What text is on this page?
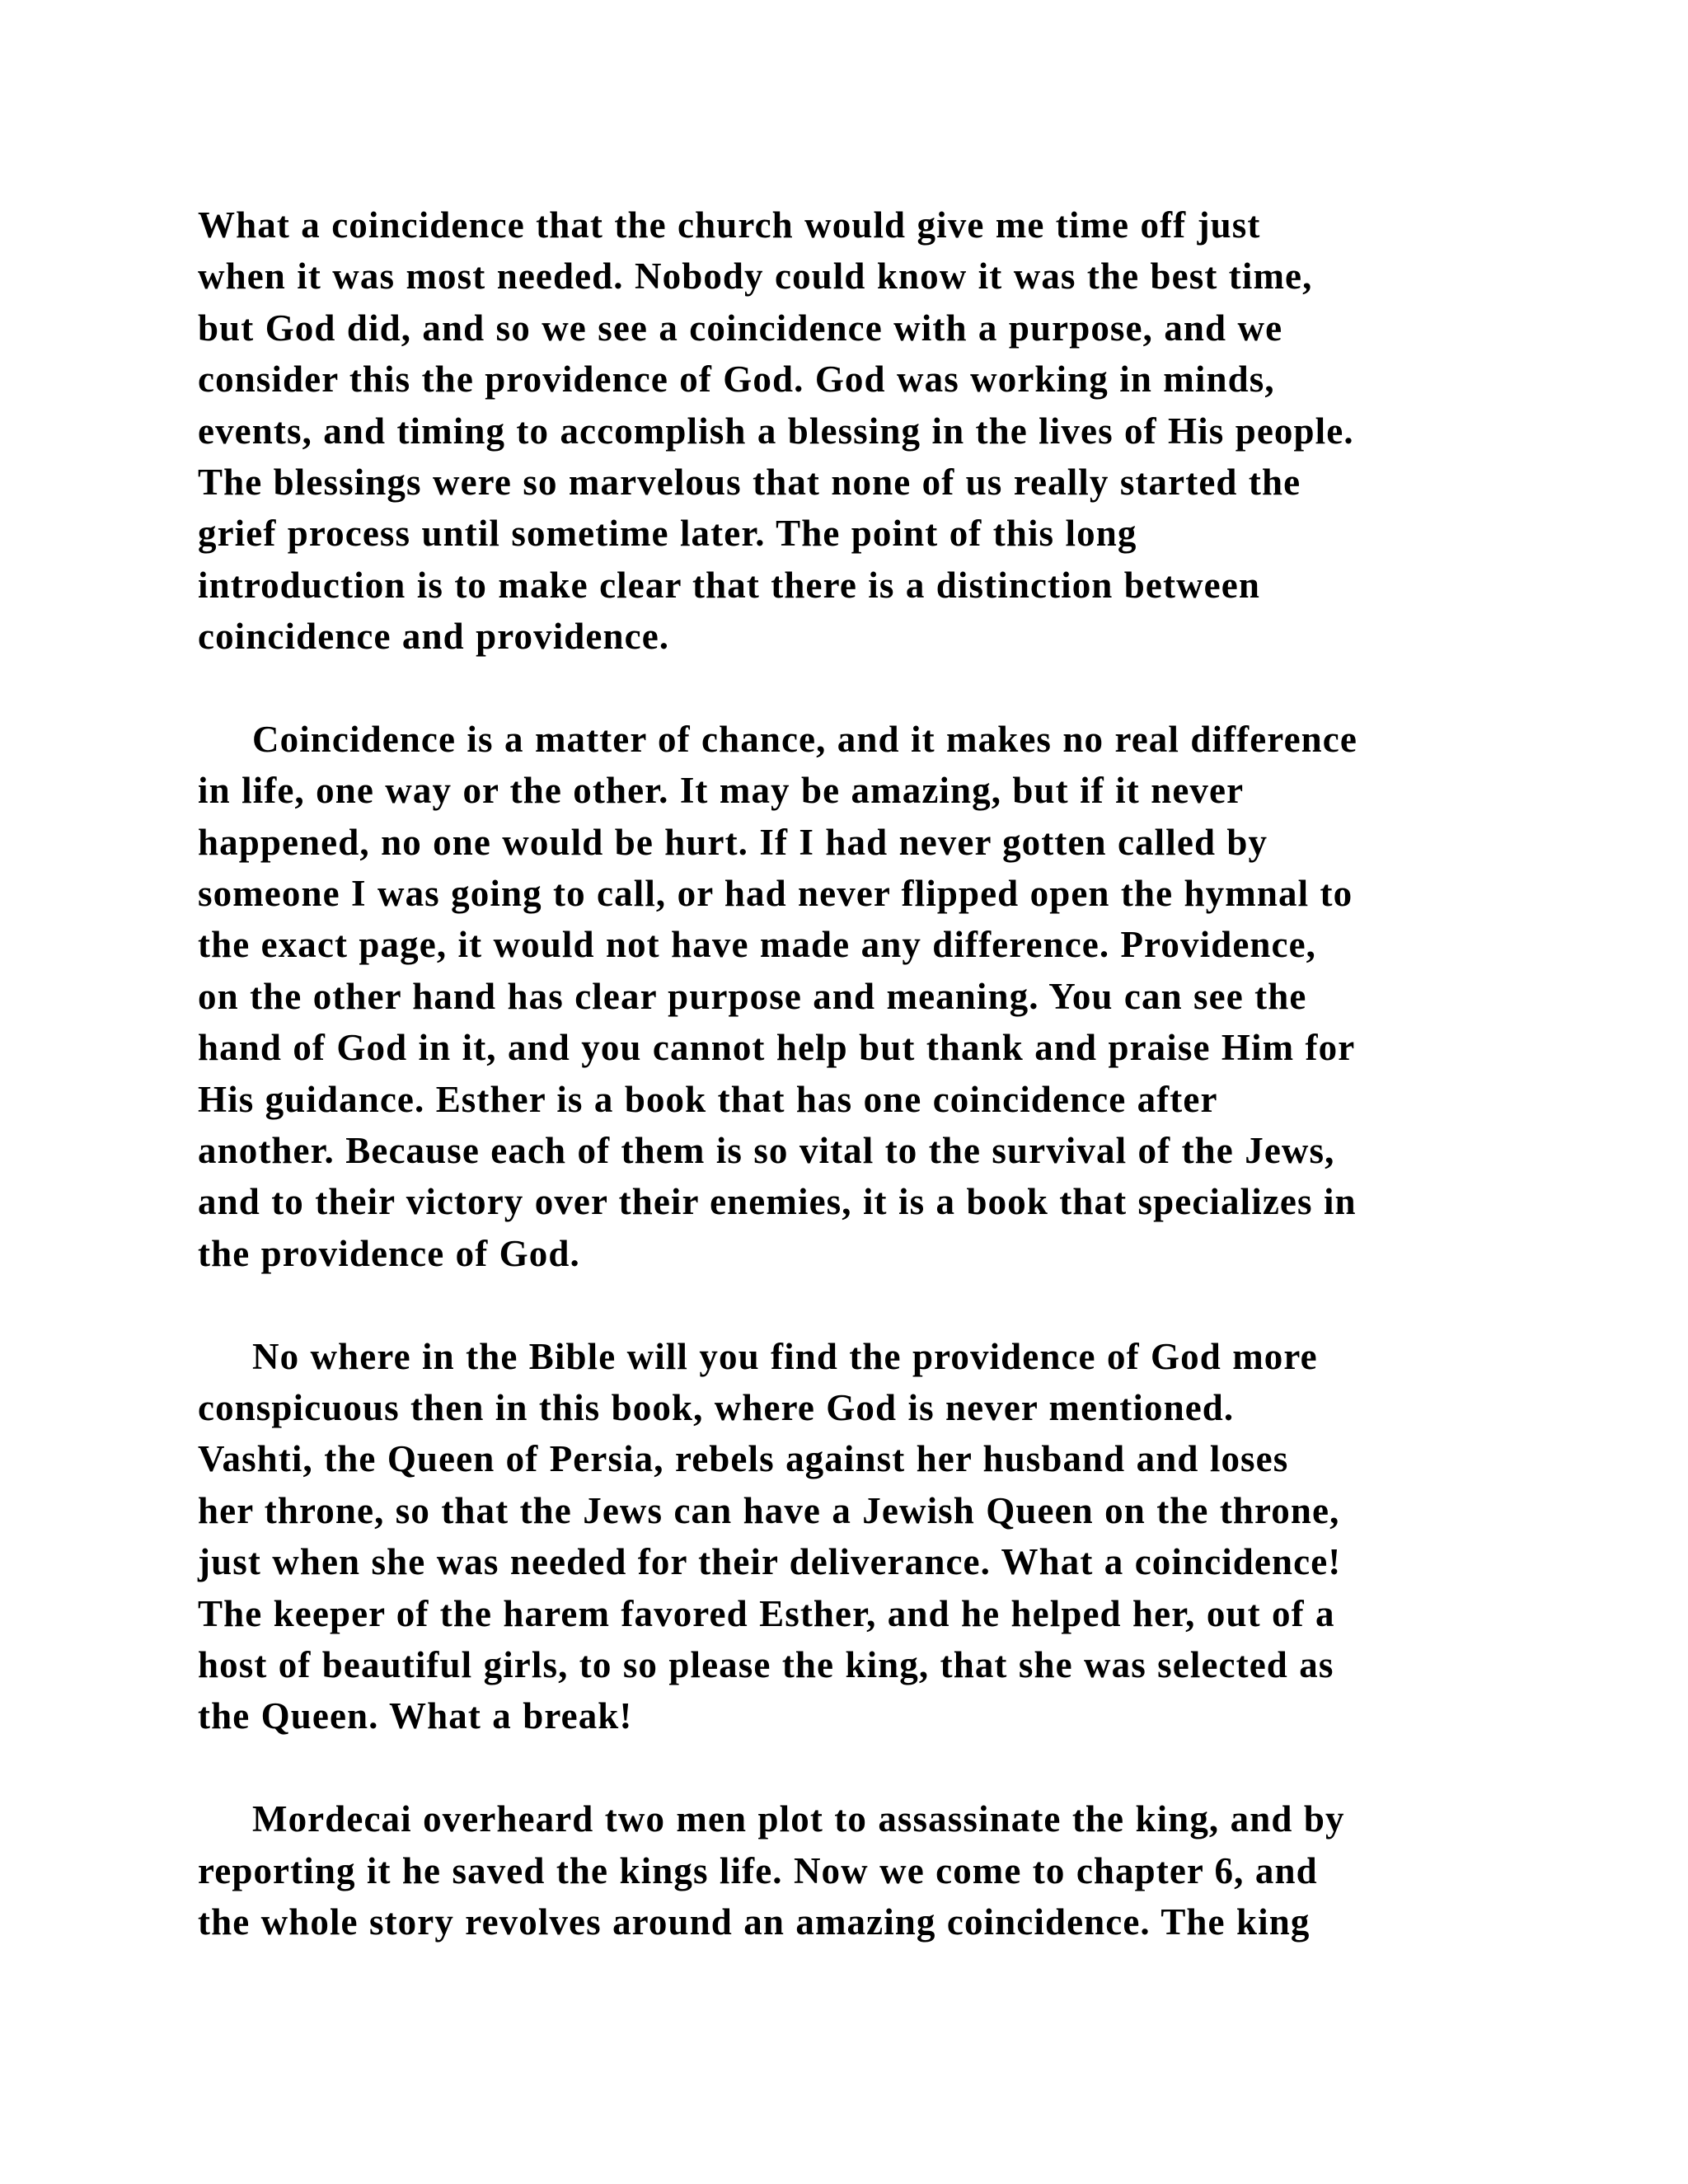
What a coincidence that the church would give me time off just
when it was most needed. Nobody could know it was the best time,
but God did, and so we see a coincidence with a purpose, and we
consider this the providence of God. God was working in minds,
events, and timing to accomplish a blessing in the lives of His people.
The blessings were so marvelous that none of us really started the
grief process until sometime later. The point of this long
introduction is to make clear that there is a distinction between
coincidence and providence.
Coincidence is a matter of chance, and it makes no real difference
in life, one way or the other. It may be amazing, but if it never
happened, no one would be hurt. If I had never gotten called by
someone I was going to call, or had never flipped open the hymnal to
the exact page, it would not have made any difference. Providence,
on the other hand has clear purpose and meaning. You can see the
hand of God in it, and you cannot help but thank and praise Him for
His guidance. Esther is a book that has one coincidence after
another. Because each of them is so vital to the survival of the Jews,
and to their victory over their enemies, it is a book that specializes in
the providence of God.
No where in the Bible will you find the providence of God more
conspicuous then in this book, where God is never mentioned.
Vashti, the Queen of Persia, rebels against her husband and loses
her throne, so that the Jews can have a Jewish Queen on the throne,
just when she was needed for their deliverance. What a coincidence!
The keeper of the harem favored Esther, and he helped her, out of a
host of beautiful girls, to so please the king, that she was selected as
the Queen. What a break!
Mordecai overheard two men plot to assassinate the king, and by
reporting it he saved the kings life. Now we come to chapter 6, and
the whole story revolves around an amazing coincidence. The king
